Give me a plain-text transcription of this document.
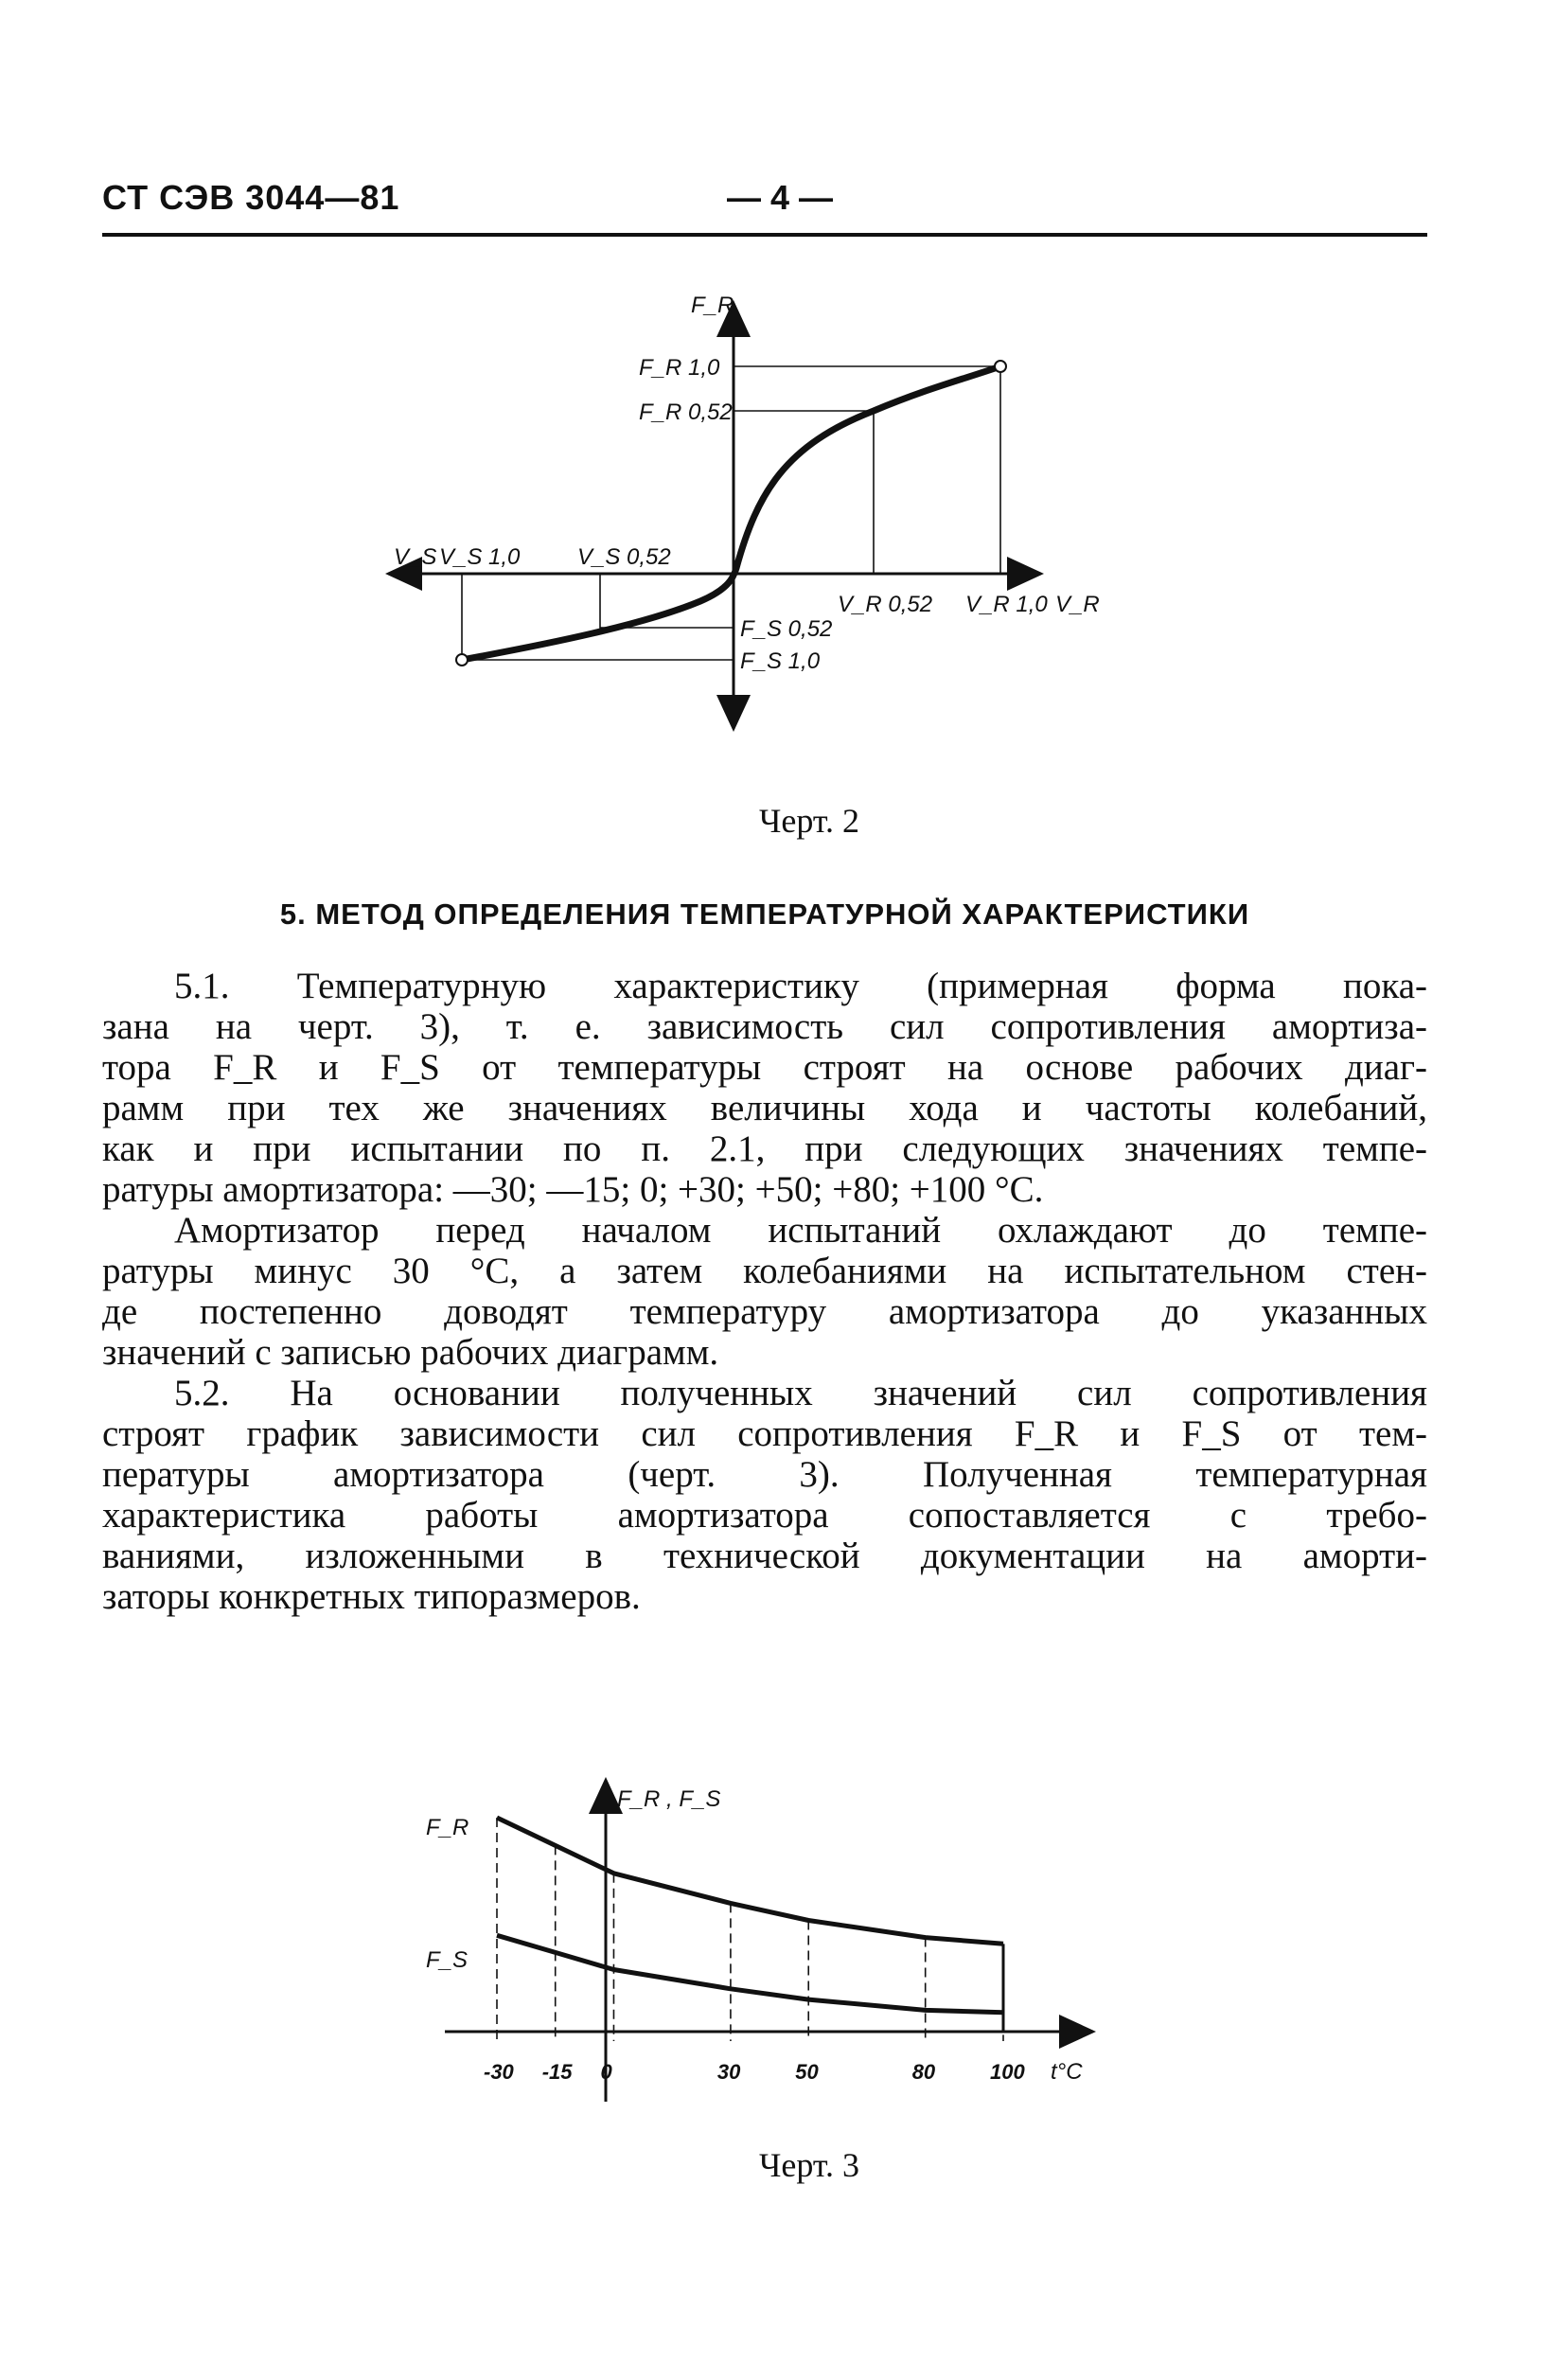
СТ СЭВ 3044—81	— 4 —
F_R
F_R 1,0
F_R 0,52
V_S V_S 1,0	V_S 0,52
V_R 0,52 V_R 1,0 V_R
F_S 0,52
F_S 1,0
Черт. 2
5. МЕТОД ОПРЕДЕЛЕНИЯ ТЕМПЕРАТУРНОЙ ХАРАКТЕРИСТИКИ
5.1. Температурную характеристику (примерная форма пока-
зана на черт. 3), т. е. зависимость сил сопротивления амортиза-
тора F_R и F_S от температуры строят на основе рабочих диаг-
рамм при тех же значениях величины хода и частоты колебаний,
как и при испытании по п. 2.1, при следующих значениях темпе-
ратуры амортизатора: —30; —15; 0; +30; +50; +80; +100 °С.
Амортизатор перед началом испытаний охлаждают до темпе-
ратуры минус 30 °С, а затем колебаниями на испытательном стен-
де постепенно доводят температуру амортизатора до указанных
значений с записью рабочих диаграмм.
5.2. На основании полученных значений сил сопротивления
строят график зависимости сил сопротивления F_R и F_S от тем-
пературы амортизатора (черт. 3). Полученная температурная
характеристика работы амортизатора сопоставляется с требо-
ваниями, изложенными в технической документации на аморти-
заторы конкретных типоразмеров.
F_R , F_S
F_R
F_S
t°C
-30 -15 0	30	50	80	100
Черт. 3
